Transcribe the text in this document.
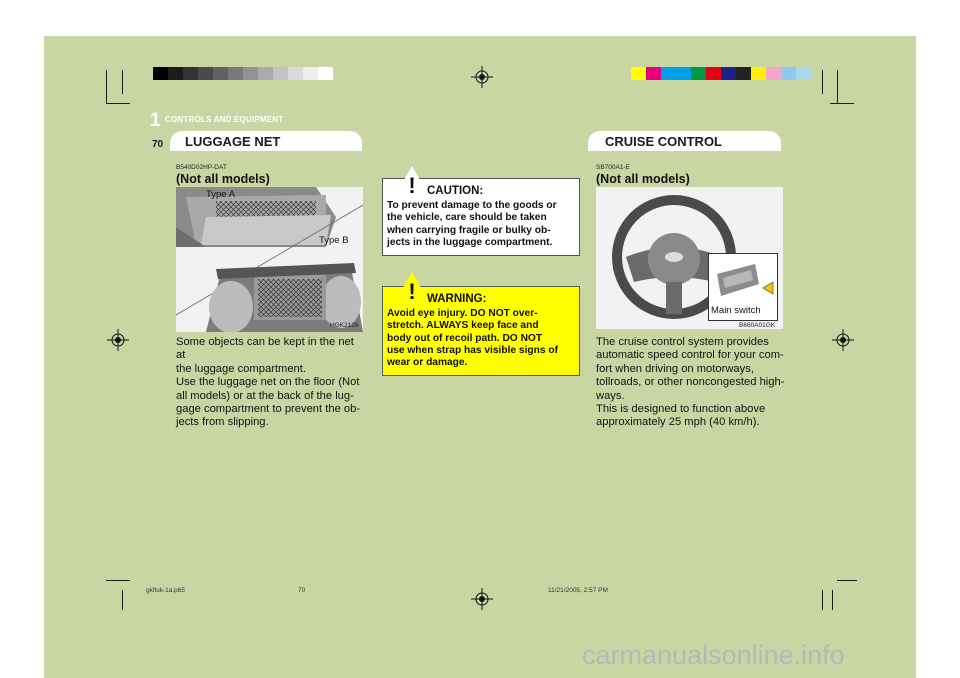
1 CONTROLS AND EQUIPMENT
70 LUGGAGE NET
B540D02HP-DAT
(Not all models)
Type A
Type B
HGK2126
Some objects can be kept in the net at
the luggage compartment.
Use the luggage net on the floor (Not
all models) or at the back of the lug-
gage compartment to prevent the ob-
jects from slipping.
! CAUTION:
To prevent damage to the goods or
the vehicle, care should be taken
when carrying fragile or bulky ob-
jects in the luggage compartment.
! WARNING:
Avoid eye injury. DO NOT over-
stretch. ALWAYS keep face and
body out of recoil path. DO NOT
use when strap has visible signs of
wear or damage.
CRUISE CONTROL
SB700A1-E
(Not all models)
Main switch
B660A01GK
The cruise control system provides
automatic speed control for your com-
fort when driving on motorways,
tollroads, or other noncongested high-
ways.
This is designed to function above
approximately 25 mph (40 km/h).
gkfluk-1a.p65	70	11/21/2005, 2:57 PM
carmanualsonline.info
